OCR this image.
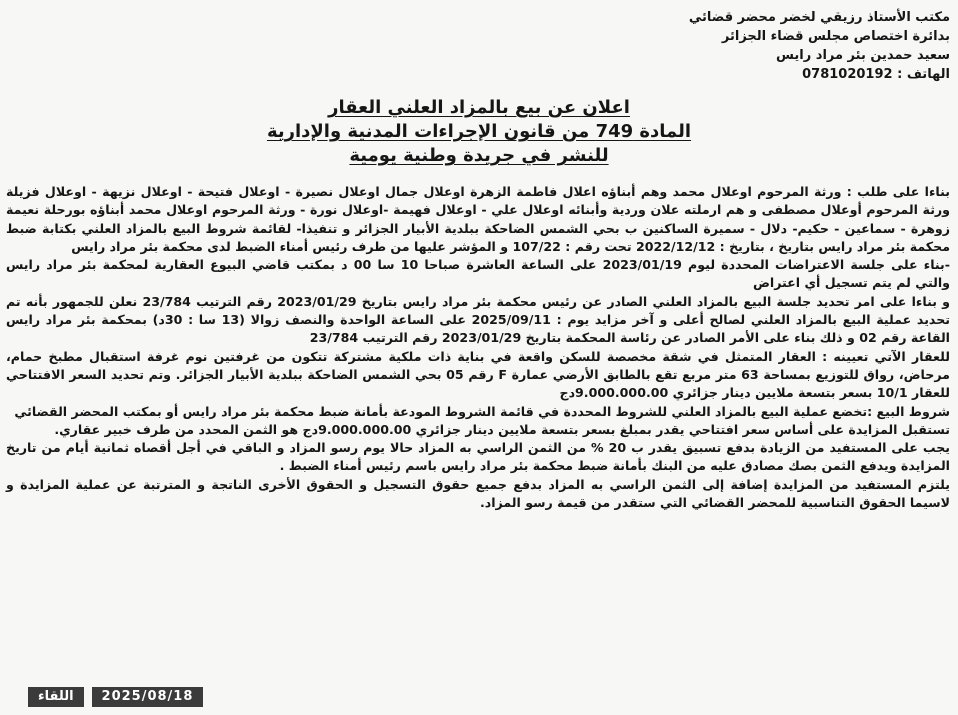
مكتب الأستاذ رزيقي لخضر محضر قضائي
بدائرة اختصاص مجلس قضاء الجزائر
سعيد حمدين بئر مراد رايس
الهاتف : 0781020192
اعلان عن بيع بالمزاد العلني العقار
المادة 749 من قانون الإجراءات المدنية والإدارية
للنشر في جريدة وطنية يومية

بناءا على طلب : ورثة المرحوم اوعلال محمد وهم أبناؤه اعلال فاطمة الزهرة اوعلال جمال اوعلال نصيرة - اوعلال فتيحة - اوعلال نزيهة - اوعلال فزيلة ورثة المرحوم أوعلال مصطفى و هم ارملته علان وردية وأبنائه اوعلال علي - اوعلال فهيمة -اوعلال نورة - ورثة المرحوم اوعلال محمد أبناؤه بورحلة نعيمة زوهرة - سماعين - حكيم- دلال - سميرة الساكنين ب بحي الشمس الضاحكة ببلدية الأبيار الجزائر و تنفيذا- لقائمة شروط البيع بالمزاد العلني بكتابة ضبط محكمة بئر مراد رايس بتاريخ ، بتاريخ : 2022/12/12 تحت رقم : 107/22 و المؤشر عليها من طرف رئيس أمناء الضبط لدى محكمة بئر مراد رايس

-بناء على جلسة الاعتراضات المحددة ليوم 2023/01/19 على الساعة العاشرة صباحا 10 سا 00 د بمكتب قاضي البيوع العقارية لمحكمة بئر مراد رايس والتي لم يتم تسجيل أي اعتراض

و بناءا على امر تحديد جلسة البيع بالمزاد العلني الصادر عن رئيس محكمة بئر مراد رايس بتاريخ 2023/01/29 رقم الترتيب 23/784 نعلن للجمهور بأنه تم تحديد عملية البيع بالمزاد العلني لصالح أعلى و آخر مزايد يوم : 2025/09/11 على الساعة الواحدة والنصف زوالا (13 سا : 30د) بمحكمة بئر مراد رايس القاعة رقم 02 و ذلك بناء على الأمر الصادر عن رئاسة المحكمة بتاريخ 2023/01/29 رقم الترتيب 23/784

للعقار الآتي تعيينه : العقار المتمثل في شقة مخصصة للسكن واقعة في بناية ذات ملكية مشتركة تتكون من غرفتين نوم غرفة استقبال مطبخ حمام، مرحاض، رواق للتوزيع بمساحة 63 متر مربع تقع بالطابق الأرضي عمارة F رقم 05 بحي الشمس الضاحكة ببلدية الأبيار الجزائر. وتم تحديد السعر الافتتاحي للعقار 10/1 بسعر بتسعة ملايين دينار جزائري 9.000.000.00دج

شروط البيع :تخضع عملية البيع بالمزاد العلني للشروط المحددة في قائمة الشروط المودعة بأمانة ضبط محكمة بئر مراد رايس أو بمكتب المحضر القضائي

تستقبل المزايدة على أساس سعر افتتاحي يقدر بمبلغ بسعر بتسعة ملايين دينار جزائري 9.000.000.00دج هو الثمن المحدد من طرف خبير عقاري.

يجب على المستفيد من الزيادة بدفع تسبيق يقدر ب 20 % من الثمن الراسي به المزاد حالا يوم رسو المزاد و الباقي في أجل أقصاه ثمانية أيام من تاريخ المزايدة ويدفع الثمن بصك مصادق عليه من البنك بأمانة ضبط محكمة بئر مراد رايس باسم رئيس أمناء الضبط .

يلتزم المستفيد من المزايدة إضافة إلى الثمن الراسي به المزاد بدفع جميع حقوق التسجيل و الحقوق الأخرى الناتجة و المترتبة عن عملية المزايدة و لاسيما الحقوق التناسبية للمحضر القضائي التي ستقدر من قيمة رسو المزاد.

اللقاء	2025/08/18
